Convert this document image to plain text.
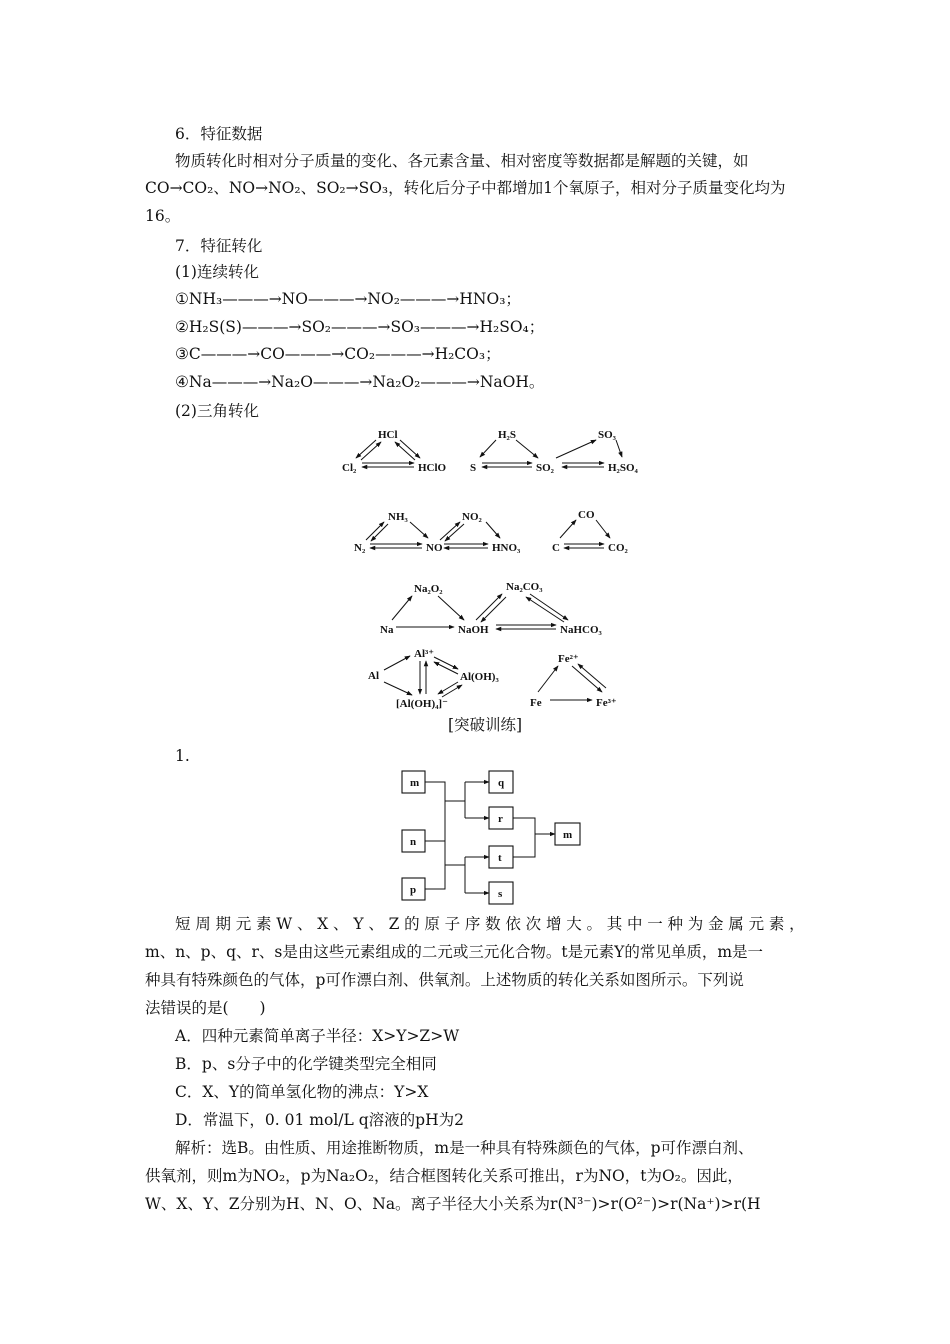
6．特征数据
物质转化时相对分子质量的变化、各元素含量、相对密度等数据都是解题的关键，如
CO→CO₂、NO→NO₂、SO₂→SO₃，转化后分子中都增加1个氧原子，相对分子质量变化均为
16。
7．特征转化
(1)连续转化
①NH₃———→NO———→NO₂———→HNO₃；
②H₂S(S)———→SO₂———→SO₃———→H₂SO₄；
③C———→CO———→CO₂———→H₂CO₃；
④Na———→Na₂O———→Na₂O₂———→NaOH。
(2)三角转化
HCl
Cl₂	HClO
H₂S
S	SO₂
SO₃
H₂SO₄
NH₃
N₂	NO
NO₂
HNO₃
CO
C	CO₂
Na₂O₂
Na	NaOH
Na₂CO₃
NaHCO₃
Al
Al³⁺
Al(OH)₃
[Al(OH)₄]⁻
Fe²⁺
Fe	Fe³⁺
[突破训练]
1.
m
n
p
q
r
t
s
m
短周期元素W、X、Y、Z的原子序数依次增大。其中一种为金属元素，
m、n、p、q、r、s是由这些元素组成的二元或三元化合物。t是元素Y的常见单质，m是一
种具有特殊颜色的气体，p可作漂白剂、供氧剂。上述物质的转化关系如图所示。下列说
法错误的是(　　)
A．四种元素简单离子半径：X>Y>Z>W
B．p、s分子中的化学键类型完全相同
C．X、Y的简单氢化物的沸点：Y>X
D．常温下，0. 01 mol/L q溶液的pH为2
解析：选B。由性质、用途推断物质，m是一种具有特殊颜色的气体，p可作漂白剂、
供氧剂，则m为NO₂，p为Na₂O₂，结合框图转化关系可推出，r为NO，t为O₂。因此，
W、X、Y、Z分别为H、N、O、Na。离子半径大小关系为r(N³⁻)>r(O²⁻)>r(Na⁺)>r(H
